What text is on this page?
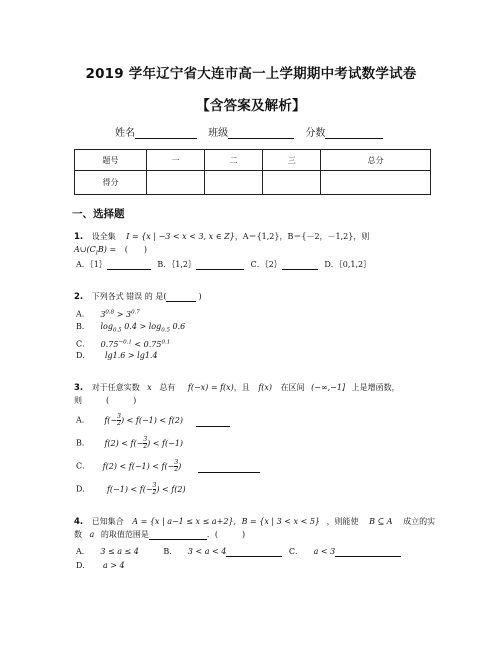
2019 学年辽宁省大连市高一上学期期中考试数学试卷
【含答案及解析】
姓名	班级	分数
题号	一	二	三	总分
得分				
一、选择题
1. 设全集 I = {x | −3 < x < 3, x ∈ Z}，A＝{1,2}，B＝{－2，－1,2}，则
$A\cup(C_IB)$ = (　　)
A．｛1｝	B．｛1,2｝	C．｛2｝	D．｛0,1,2｝
2. 下列各式 错误 的 是(	)
A． $3^{0.8} > 3^{0.7}$
B． $\log_{0.5} 0.4 > \log_{0.5} 0.6$
C． $0.75^{-0.1} < 0.75^{0.1}$
D． lg1.6 > lg1.4
3. 对于任意实数 x 总有 f(−x) = f(x)，且 f(x) 在区间 (−∞,−1] 上是增函数，
则　　　(　　　)
A． $f(- \frac{3}{2}$ ) < f(−1) < f(2)
B． $f(2) < f(- \frac{3}{2}$ ) < f(−1)
C． $f(2) < f(-1) < f(- \frac{3}{2}$ )
D． $f(-1) < f(- \frac{3}{2}$ ) < f(2)
4. 已知集合 A = {x | a−1 ≤ x ≤ a+2}, B = {x | 3 < x < 5} ，则能使 B ⊆ A 成立的实
数 a 的取值范围是	．(　　　)
A． 3 ≤ a ≤ 4	B． 3 < a < 4	C． a < 3
D． a > 4
